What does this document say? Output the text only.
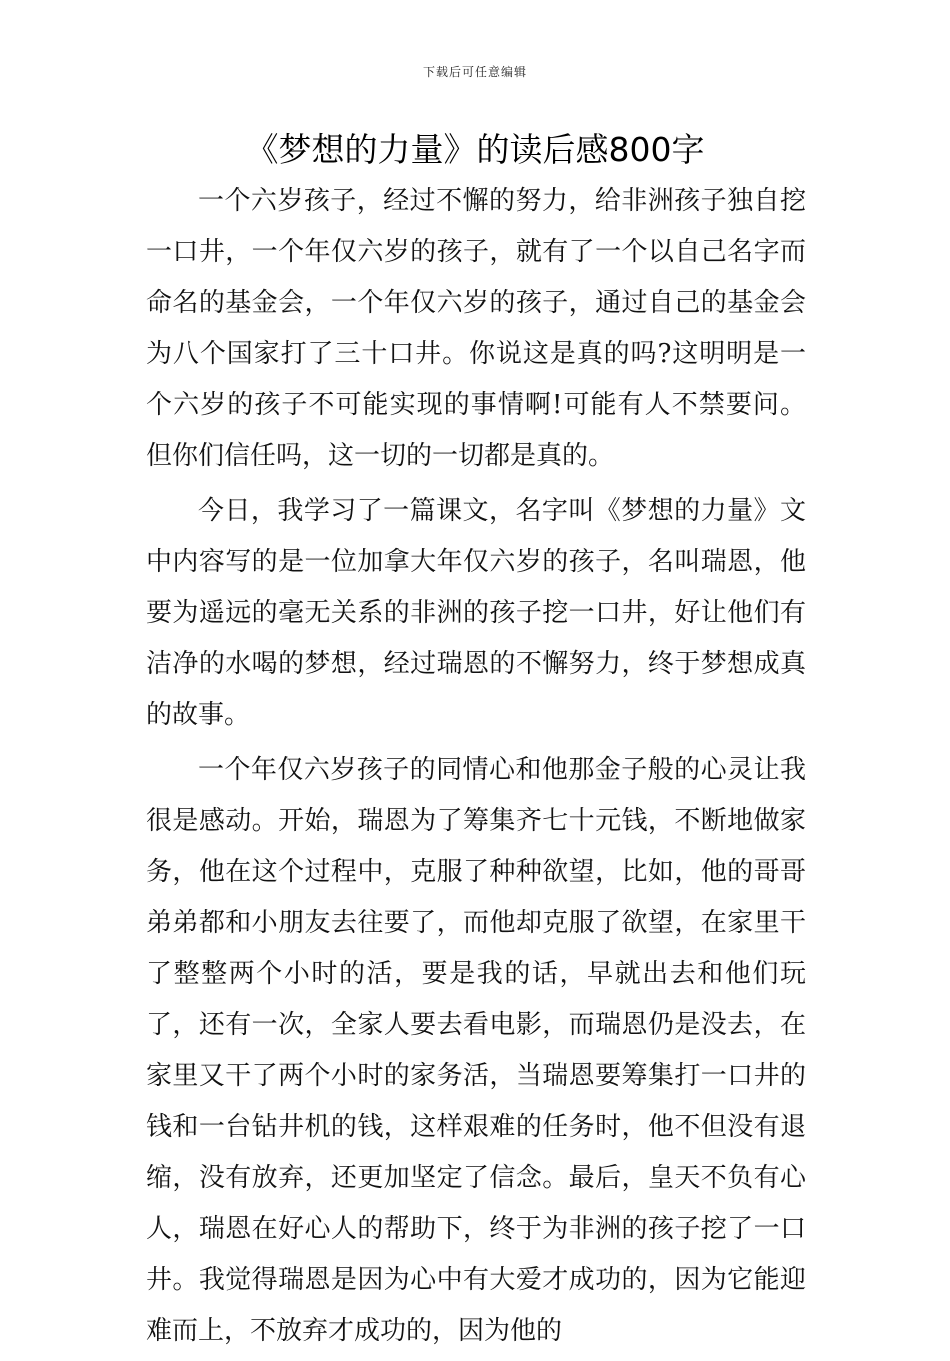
下载后可任意编辑
《梦想的力量》的读后感800字

一个六岁孩子，经过不懈的努力，给非洲孩子独自挖一口井，一个年仅六岁的孩子，就有了一个以自己名字而命名的基金会，一个年仅六岁的孩子，通过自己的基金会为八个国家打了三十口井。你说这是真的吗?这明明是一个六岁的孩子不可能实现的事情啊!可能有人不禁要问。但你们信任吗，这一切的一切都是真的。

今日，我学习了一篇课文，名字叫《梦想的力量》文中内容写的是一位加拿大年仅六岁的孩子，名叫瑞恩，他要为遥远的毫无关系的非洲的孩子挖一口井，好让他们有洁净的水喝的梦想，经过瑞恩的不懈努力，终于梦想成真的故事。

一个年仅六岁孩子的同情心和他那金子般的心灵让我很是感动。开始，瑞恩为了筹集齐七十元钱，不断地做家务，他在这个过程中，克服了种种欲望，比如，他的哥哥弟弟都和小朋友去往要了，而他却克服了欲望，在家里干了整整两个小时的活，要是我的话，早就出去和他们玩了，还有一次，全家人要去看电影，而瑞恩仍是没去，在家里又干了两个小时的家务活，当瑞恩要筹集打一口井的钱和一台钻井机的钱，这样艰难的任务时，他不但没有退缩，没有放弃，还更加坚定了信念。最后，皇天不负有心人，瑞恩在好心人的帮助下，终于为非洲的孩子挖了一口井。我觉得瑞恩是因为心中有大爱才成功的，因为它能迎难而上，不放弃才成功的，因为他的
